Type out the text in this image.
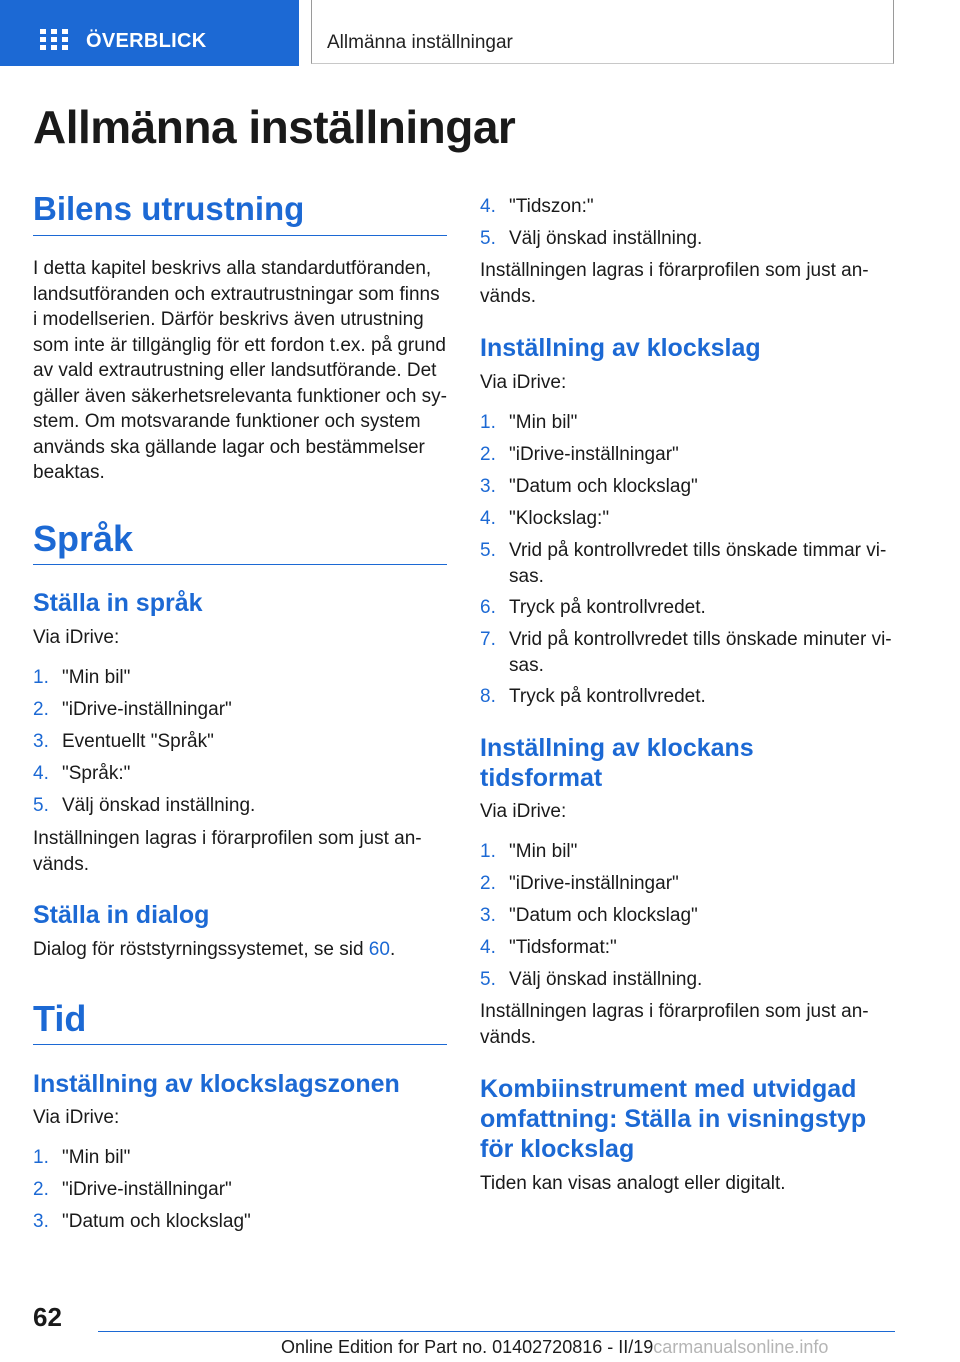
ÖVERBLICK	Allmänna inställningar
Allmänna inställningar
Bilens utrustning

I detta kapitel beskrivs alla standardutföranden,
landsutföranden och extrautrustningar som finns
i modellserien. Därför beskrivs även utrustning
som inte är tillgänglig för ett fordon t.ex. på grund
av vald extrautrustning eller landsutförande. Det
gäller även säkerhetsrelevanta funktioner och sy-
stem. Om motsvarande funktioner och system
används ska gällande lagar och bestämmelser
beaktas.

Språk
Ställa in språk

Via iDrive:

1. "Min bil"
2. "iDrive-inställningar"
3. Eventuellt "Språk"
4. "Språk:"
5. Välj önskad inställning.

Inställningen lagras i förarprofilen som just an-
vänds.

Ställa in dialog

Dialog för röststyrningssystemet, se sid 60.

Tid
Inställning av klockslagszonen

Via iDrive:

1. "Min bil"
2. "iDrive-inställningar"
3. "Datum och klockslag"
4. "Tidszon:"
5. Välj önskad inställning.

Inställningen lagras i förarprofilen som just an-
vänds.

Inställning av klockslag

Via iDrive:

1. "Min bil"
2. "iDrive-inställningar"
3. "Datum och klockslag"
4. "Klockslag:"
5. Vrid på kontrollvredet tills önskade timmar vi-
sas.
6. Tryck på kontrollvredet.
7. Vrid på kontrollvredet tills önskade minuter vi-
sas.
8. Tryck på kontrollvredet.
Inställning av klockans
tidsformat

Via iDrive:

1. "Min bil"
2. "iDrive-inställningar"
3. "Datum och klockslag"
4. "Tidsformat:"
5. Välj önskad inställning.

Inställningen lagras i förarprofilen som just an-
vänds.

Kombiinstrument med utvidgad
omfattning: Ställa in visningstyp
för klockslag

Tiden kan visas analogt eller digitalt.

62
Online Edition for Part no. 01402720816 - II/19carmanualsonline.info
